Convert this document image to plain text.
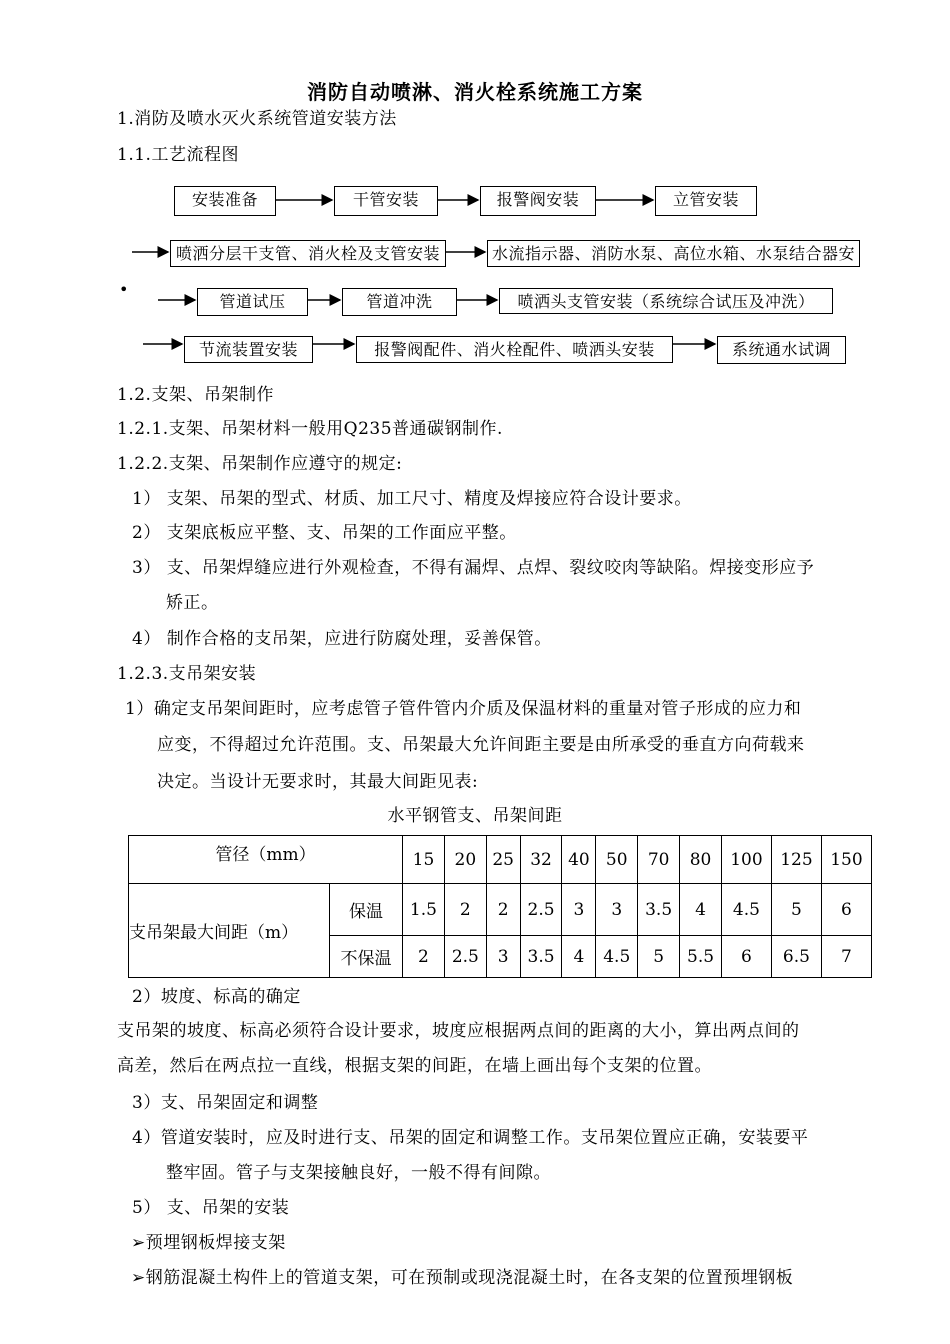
消防自动喷淋、消火栓系统施工方案
1.消防及喷水灭火系统管道安装方法
1.1.工艺流程图
安装准备	干管安装	报警阀安装	立管安装
喷洒分层干支管、消火栓及支管安装	水流指示器、消防水泵、高位水箱、水泵结合器安
•
管道试压	管道冲洗	喷洒头支管安装（系统综合试压及冲洗）
节流装置安装	报警阀配件、消火栓配件、喷洒头安装	系统通水试调
1.2.支架、吊架制作
1.2.1.支架、吊架材料一般用Q235普通碳钢制作.
1.2.2.支架、吊架制作应遵守的规定:
1） 支架、吊架的型式、材质、加工尺寸、精度及焊接应符合设计要求。
2） 支架底板应平整、支、吊架的工作面应平整。
3） 支、吊架焊缝应进行外观检查，不得有漏焊、点焊、裂纹咬肉等缺陷。焊接变形应予
矫正。
4） 制作合格的支吊架，应进行防腐处理，妥善保管。
1.2.3.支吊架安装
1）确定支吊架间距时，应考虑管子管件管内介质及保温材料的重量对管子形成的应力和
应变，不得超过允许范围。支、吊架最大允许间距主要是由所承受的垂直方向荷载来
决定。当设计无要求时，其最大间距见表:
水平钢管支、吊架间距
管径（mm）		15	20	25	32	40	50	70	80	100	125	150
支吊架最大间距（m）	保温	1.5	2	2	2.5	3	3	3.5	4	4.5	5	6
	不保温	2	2.5	3	3.5	4	4.5	5	5.5	6	6.5	7
2）坡度、标高的确定
支吊架的坡度、标高必须符合设计要求，坡度应根据两点间的距离的大小，算出两点间的
高差，然后在两点拉一直线，根据支架的间距，在墙上画出每个支架的位置。
3）支、吊架固定和调整
4）管道安装时，应及时进行支、吊架的固定和调整工作。支吊架位置应正确，安装要平
整牢固。管子与支架接触良好，一般不得有间隙。
5） 支、吊架的安装
➢预埋钢板焊接支架
➢钢筋混凝土构件上的管道支架，可在预制或现浇混凝土时，在各支架的位置预埋钢板
